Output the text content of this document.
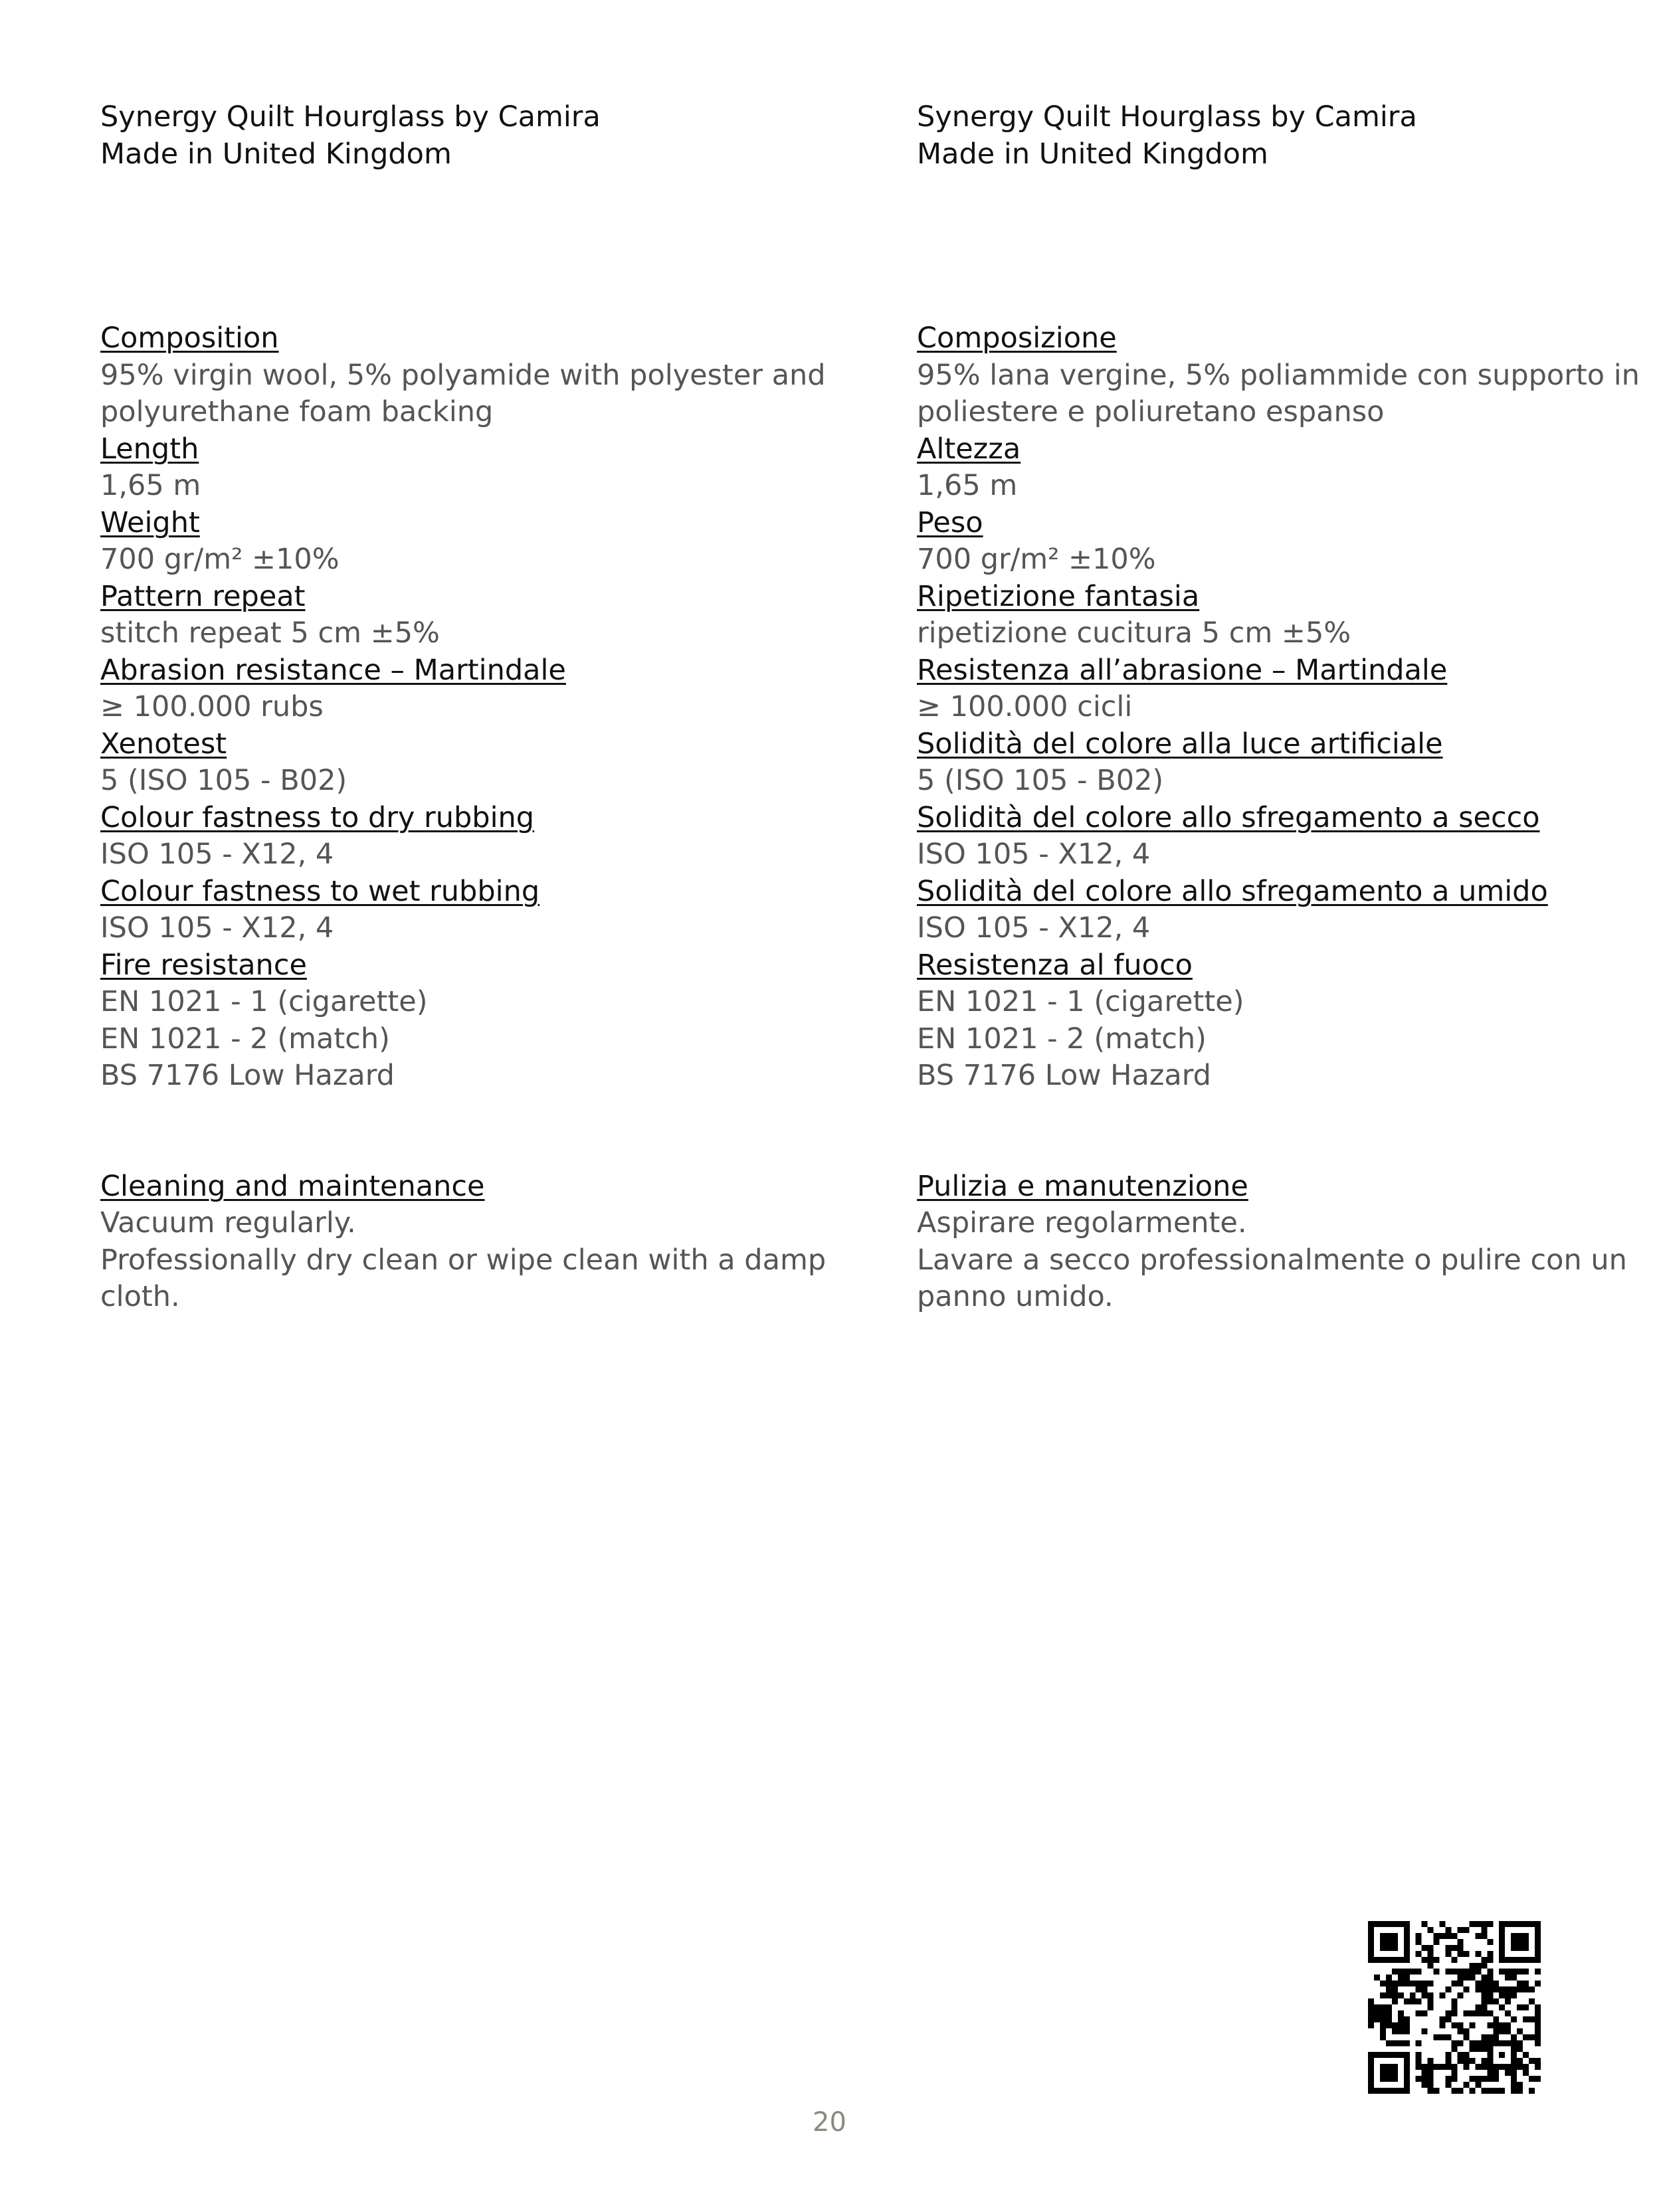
Synergy Quilt Hourglass by Camira
Made in United Kingdom
Composition
95% virgin wool, 5% polyamide with polyester and polyurethane foam backing
Length
1,65 m
Weight
700 gr/m² ±10%
Pattern repeat
stitch repeat 5 cm ±5%
Abrasion resistance – Martindale
≥ 100.000 rubs
Xenotest
5 (ISO 105 - B02)
Colour fastness to dry rubbing
ISO 105 - X12, 4
Colour fastness to wet rubbing
ISO 105 - X12, 4
Fire resistance
EN 1021 - 1 (cigarette)
EN 1021 - 2 (match)
BS 7176 Low Hazard
Cleaning and maintenance
Vacuum regularly.
Professionally dry clean or wipe clean with a damp cloth.
Synergy Quilt Hourglass by Camira
Made in United Kingdom
Composizione
95% lana vergine, 5% poliammide con supporto in poliestere e poliuretano espanso
Altezza
1,65 m
Peso
700 gr/m² ±10%
Ripetizione fantasia
ripetizione cucitura 5 cm ±5%
Resistenza all’abrasione – Martindale
≥ 100.000 cicli
Solidità del colore alla luce artificiale
5 (ISO 105 - B02)
Solidità del colore allo sfregamento a secco
ISO 105 - X12, 4
Solidità del colore allo sfregamento a umido
ISO 105 - X12, 4
Resistenza al fuoco
EN 1021 - 1 (cigarette)
EN 1021 - 2 (match)
BS 7176 Low Hazard
Pulizia e manutenzione
Aspirare regolarmente.
Lavare a secco professionalmente o pulire con un panno umido.
20
